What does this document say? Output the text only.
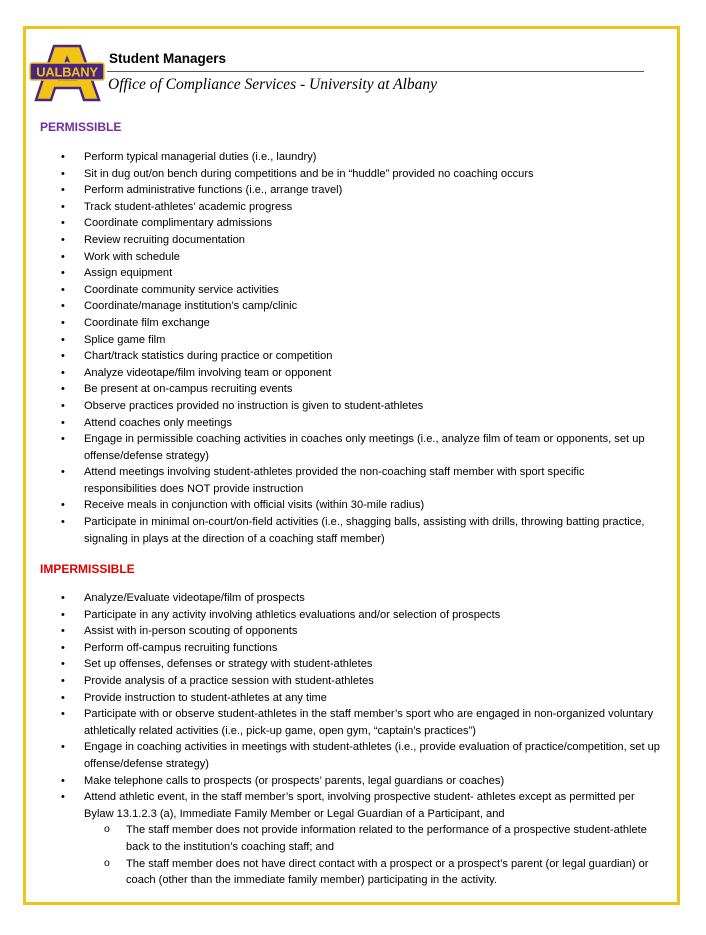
UALBANY
Student Managers
Office of Compliance Services - University at Albany
PERMISSIBLE
• Perform typical managerial duties (i.e., laundry)
• Sit in dug out/on bench during competitions and be in “huddle” provided no coaching occurs
• Perform administrative functions (i.e., arrange travel)
• Track student-athletes’ academic progress
• Coordinate complimentary admissions
• Review recruiting documentation
• Work with schedule
• Assign equipment
• Coordinate community service activities
• Coordinate/manage institution’s camp/clinic
• Coordinate film exchange
• Splice game film
• Chart/track statistics during practice or competition
• Analyze videotape/film involving team or opponent
• Be present at on-campus recruiting events
• Observe practices provided no instruction is given to student-athletes
• Attend coaches only meetings
• Engage in permissible coaching activities in coaches only meetings (i.e., analyze film of team or opponents, set up offense/defense strategy)
• Attend meetings involving student-athletes provided the non-coaching staff member with sport specific responsibilities does NOT provide instruction
• Receive meals in conjunction with official visits (within 30-mile radius)
• Participate in minimal on-court/on-field activities (i.e., shagging balls, assisting with drills, throwing batting practice, signaling in plays at the direction of a coaching staff member)
IMPERMISSIBLE
• Analyze/Evaluate videotape/film of prospects
• Participate in any activity involving athletics evaluations and/or selection of prospects
• Assist with in-person scouting of opponents
• Perform off-campus recruiting functions
• Set up offenses, defenses or strategy with student-athletes
• Provide analysis of a practice session with student-athletes
• Provide instruction to student-athletes at any time
• Participate with or observe student-athletes in the staff member’s sport who are engaged in non-organized voluntary athletically related activities (i.e., pick-up game, open gym, “captain’s practices”)
• Engage in coaching activities in meetings with student-athletes (i.e., provide evaluation of practice/competition, set up offense/defense strategy)
• Make telephone calls to prospects (or prospects’ parents, legal guardians or coaches)
• Attend athletic event, in the staff member’s sport, involving prospective student- athletes except as permitted per Bylaw 13.1.2.3 (a), Immediate Family Member or Legal Guardian of a Participant, and
o The staff member does not provide information related to the performance of a prospective student-athlete back to the institution’s coaching staff; and
o The staff member does not have direct contact with a prospect or a prospect’s parent (or legal guardian) or coach (other than the immediate family member) participating in the activity.
